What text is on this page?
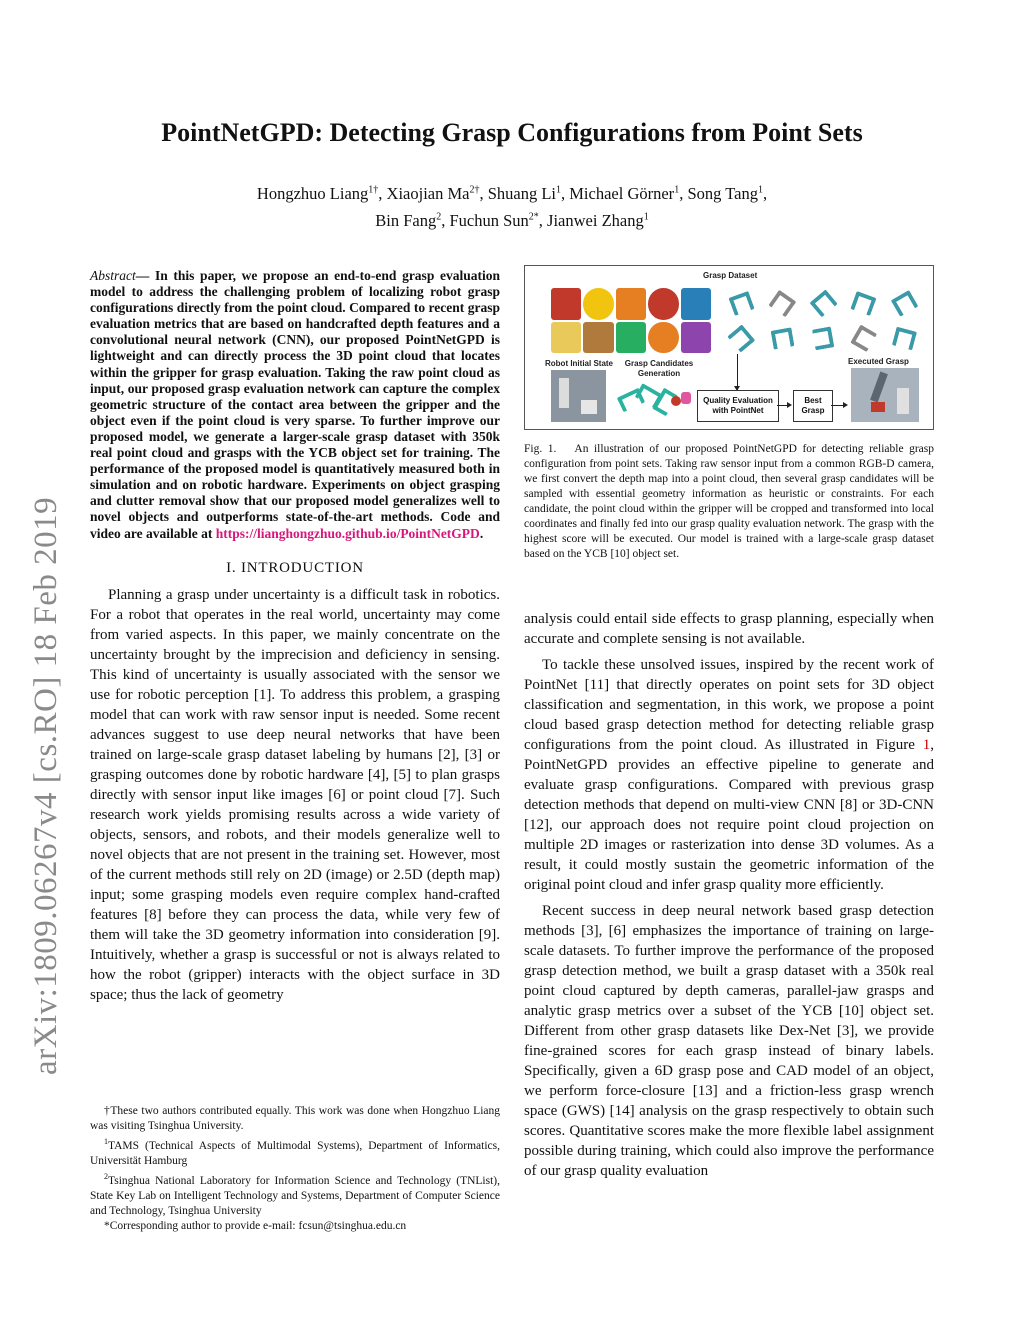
arXiv:1809.06267v4 [cs.RO] 18 Feb 2019
PointNetGPD: Detecting Grasp Configurations from Point Sets
Hongzhuo Liang$^{1\dagger}$, Xiaojian $Ma^{2\dagger}$, Shuang Li$^1$, Michael Görner$^1$, Song Tang$^1$,
Bin Fang$^2$, Fuchun Sun$^{2*}$, Jianwei Zhang$^1$
Abstract— In this paper, we propose an end-to-end grasp evaluation model to address the challenging problem of localizing robot grasp configurations directly from the point cloud. Compared to recent grasp evaluation metrics that are based on handcrafted depth features and a convolutional neural network (CNN), our proposed PointNetGPD is lightweight and can directly process the 3D point cloud that locates within the gripper for grasp evaluation. Taking the raw point cloud as input, our proposed grasp evaluation network can capture the complex geometric structure of the contact area between the gripper and the object even if the point cloud is very sparse. To further improve our proposed model, we generate a larger-scale grasp dataset with 350k real point cloud and grasps with the YCB object set for training. The performance of the proposed model is quantitatively measured both in simulation and on robotic hardware. Experiments on object grasping and clutter removal show that our proposed model generalizes well to novel objects and outperforms state-of-the-art methods. Code and video are available at https://lianghongzhuo.github.io/PointNetGPD.
I. INTRODUCTION

Planning a grasp under uncertainty is a difficult task in robotics. For a robot that operates in the real world, uncertainty may come from varied aspects. In this paper, we mainly concentrate on the uncertainty brought by the imprecision and deficiency in sensing. This kind of uncertainty is usually associated with the sensor we use for robotic perception [1]. To address this problem, a grasping model that can work with raw sensor input is needed. Some recent advances suggest to use deep neural networks that have been trained on large-scale grasp dataset labeling by humans [2], [3] or grasping outcomes done by robotic hardware [4], [5] to plan grasps directly with sensor input like images [6] or point cloud [7]. Such research work yields promising results across a wide variety of objects, sensors, and robots, and their models generalize well to novel objects that are not present in the training set. However, most of the current methods still rely on 2D (image) or 2.5D (depth map) input; some grasping models even require complex hand-crafted features [8] before they can process the data, while very few of them will take the 3D geometry information into consideration [9]. Intuitively, whether a grasp is successful or not is always related to how the robot (gripper) interacts with the object surface in 3D space; thus the lack of geometry

†These two authors contributed equally. This work was done when Hongzhuo Liang was visiting Tsinghua University.

$^1$TAMS (Technical Aspects of Multimodal Systems), Department of Informatics, Universität Hamburg

$^2$Tsinghua National Laboratory for Information Science and Technology (TNList), State Key Lab on Intelligent Technology and Systems, Department of Computer Science and Technology, Tsinghua University

*Corresponding author to provide e-mail: fcsun@tsinghua.edu.cn

Grasp Dataset
Robot Initial State	Grasp Candidates Generation
Executed Grasp
Quality Evaluation with PointNet
Best Grasp
Fig. 1. An illustration of our proposed PointNetGPD for detecting reliable grasp configuration from point sets. Taking raw sensor input from a common RGB-D camera, we first convert the depth map into a point cloud, then several grasp candidates will be sampled with essential geometry information as heuristic or constraints. For each candidate, the point cloud within the gripper will be cropped and transformed into local coordinates and finally fed into our grasp quality evaluation network. The grasp with the highest score will be executed. Our model is trained with a large-scale grasp dataset based on the YCB [10] object set.

analysis could entail side effects to grasp planning, especially when accurate and complete sensing is not available.

To tackle these unsolved issues, inspired by the recent work of PointNet [11] that directly operates on point sets for 3D object classification and segmentation, in this work, we propose a point cloud based grasp detection method for detecting reliable grasp configurations from the point cloud. As illustrated in Figure 1, PointNetGPD provides an effective pipeline to generate and evaluate grasp configurations. Compared with previous grasp detection methods that depend on multi-view CNN [8] or 3D-CNN [12], our approach does not require point cloud projection on multiple 2D images or rasterization into dense 3D volumes. As a result, it could mostly sustain the geometric information of the original point cloud and infer grasp quality more efficiently.

Recent success in deep neural network based grasp detection methods [3], [6] emphasizes the importance of training on large-scale datasets. To further improve the performance of the proposed grasp detection method, we built a grasp dataset with a 350k real point cloud captured by depth cameras, parallel-jaw grasps and analytic grasp metrics over a subset of the YCB [10] object set. Different from other grasp datasets like Dex-Net [3], we provide fine-grained scores for each grasp instead of binary labels. Specifically, given a 6D grasp pose and CAD model of an object, we perform force-closure [13] and a friction-less grasp wrench space (GWS) [14] analysis on the grasp respectively to obtain such scores. Quantitative scores make the more flexible label assignment possible during training, which could also improve the performance of our grasp quality evaluation
